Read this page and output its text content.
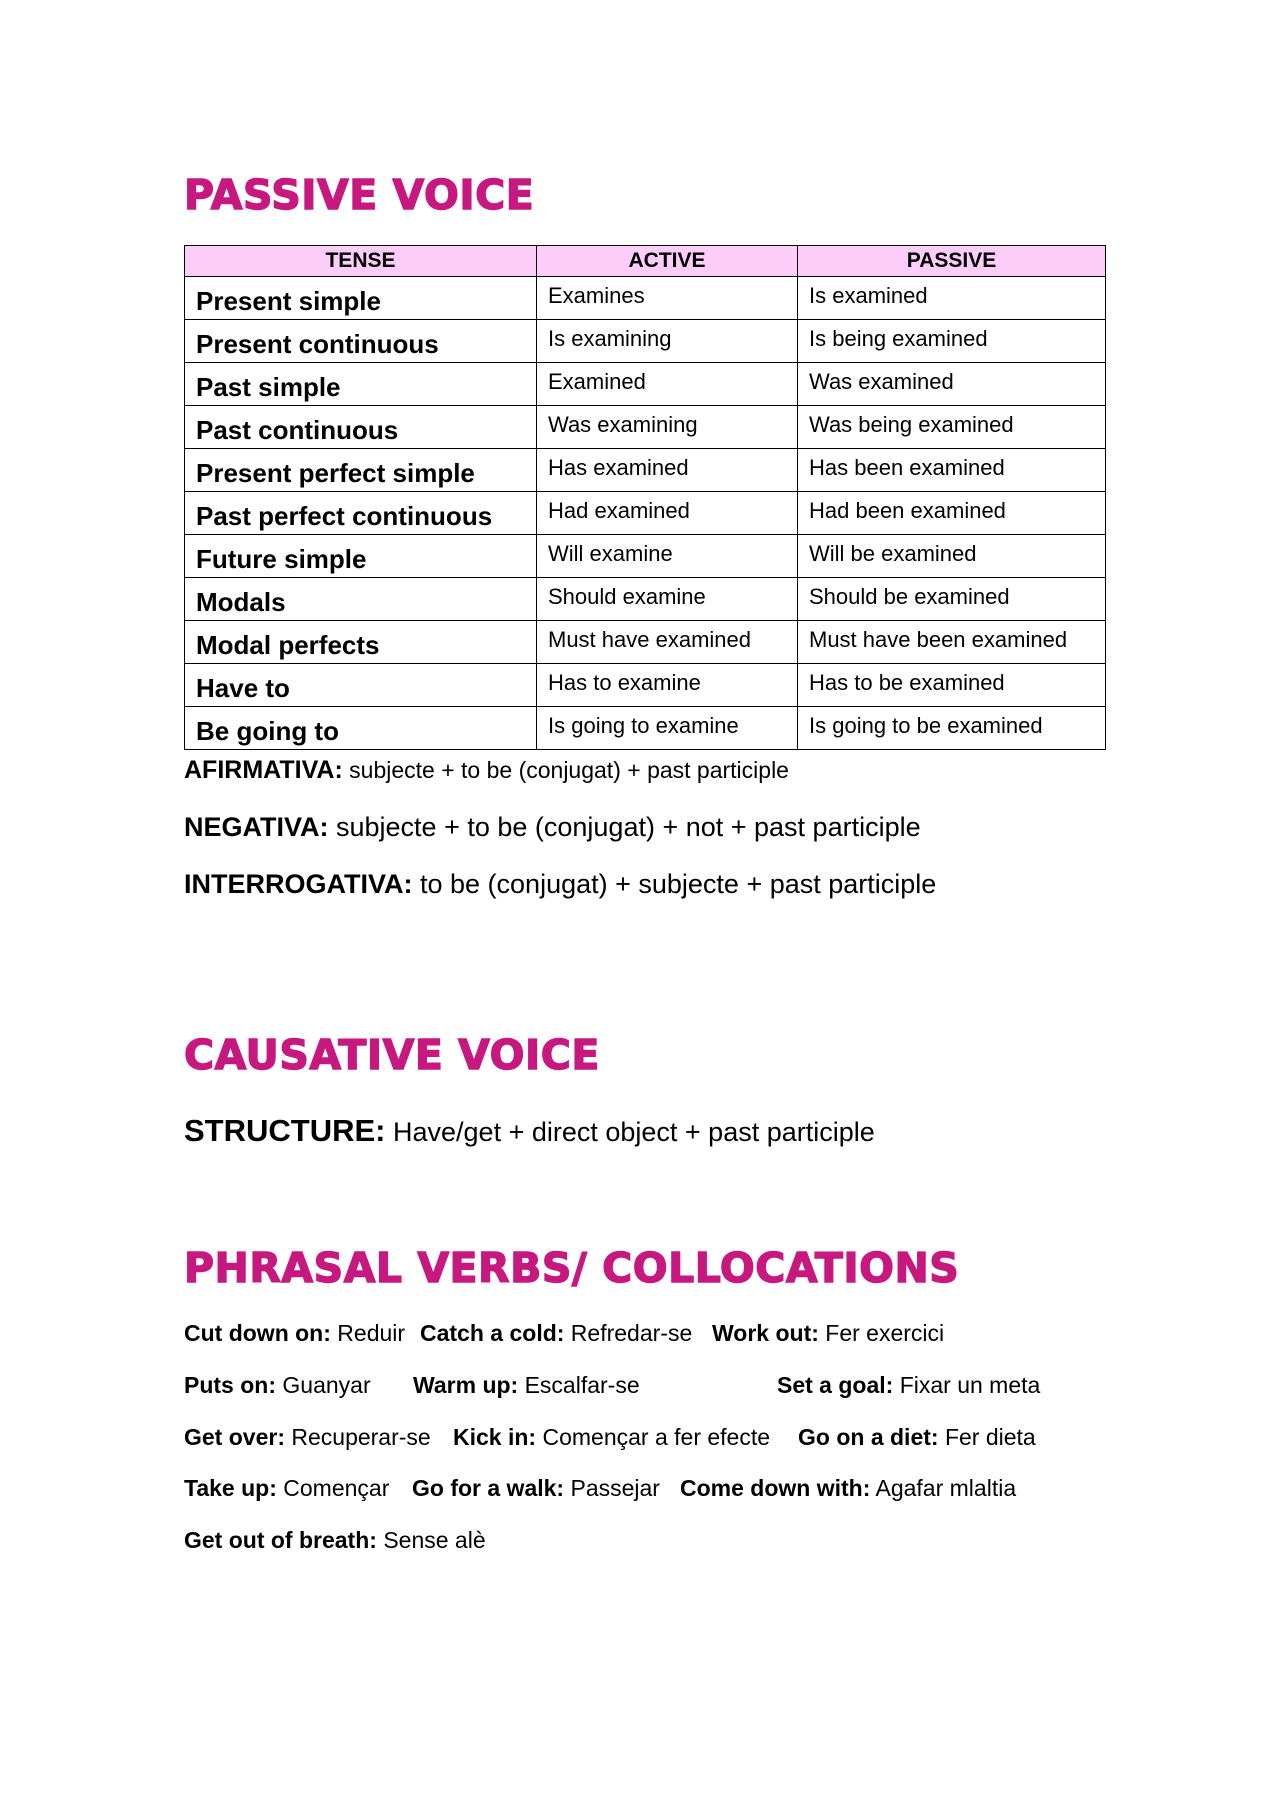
PASSIVE VOICE
TENSE	ACTIVE	PASSIVE
Present simple	Examines	Is examined
Present continuous	Is examining	Is being examined
Past simple	Examined	Was examined
Past continuous	Was examining	Was being examined
Present perfect simple	Has examined	Has been examined
Past perfect continuous	Had examined	Had been examined
Future simple	Will examine	Will be examined
Modals	Should examine	Should be examined
Modal perfects	Must have examined	Must have been examined
Have to	Has to examine	Has to be examined
Be going to	Is going to examine	Is going to be examined

AFIRMATIVA: subjecte + to be (conjugat) + past participle

NEGATIVA: subjecte + to be (conjugat) + not + past participle

INTERROGATIVA: to be (conjugat) + subjecte + past participle

CAUSATIVE VOICE

STRUCTURE: Have/get + direct object + past participle

PHRASAL VERBS/ COLLOCATIONS

Cut down on: Reduir Catch a cold: Refredar-se Work out: Fer exercici

Puts on: Guanyar Warm up: Escalfar-se	Set a goal: Fixar un meta

Get over: Recuperar-se Kick in: Començar a fer efecte Go on a diet: Fer dieta

Take up: Començar Go for a walk: Passejar Come down with: Agafar mlaltia

Get out of breath: Sense alè
